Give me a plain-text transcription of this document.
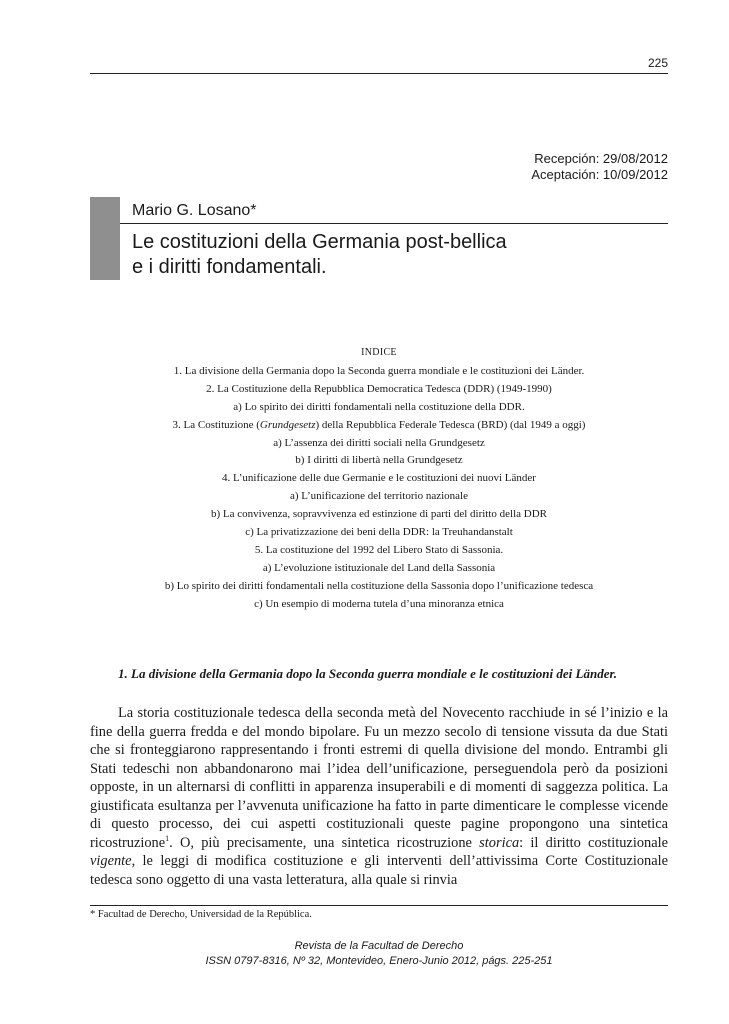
225
Recepción: 29/08/2012
Aceptación: 10/09/2012
Mario G. Losano*
Le costituzioni della Germania post-bellica
e i diritti fondamentali.
INDICE
1. La divisione della Germania dopo la Seconda guerra mondiale e le costituzioni dei Länder.
2. La Costituzione della Repubblica Democratica Tedesca (DDR) (1949-1990)
a) Lo spirito dei diritti fondamentali nella costituzione della DDR.
3. La Costituzione (Grundgesetz) della Repubblica Federale Tedesca (BRD) (dal 1949 a oggi)
a) L’assenza dei diritti sociali nella Grundgesetz
b) I diritti di libertà nella Grundgesetz
4. L’unificazione delle due Germanie e le costituzioni dei nuovi Länder
a) L’unificazione del territorio nazionale
b) La convivenza, sopravvivenza ed estinzione di parti del diritto della DDR
c) La privatizzazione dei beni della DDR: la Treuhandanstalt
5. La costituzione del 1992 del Libero Stato di Sassonia.
a) L’evoluzione istituzionale del Land della Sassonia
b) Lo spirito dei diritti fondamentali nella costituzione della Sassonia dopo l’unificazione tedesca
c) Un esempio di moderna tutela d’una minoranza etnica
1. La divisione della Germania dopo la Seconda guerra mondiale e le costituzioni dei Länder.

La storia costituzionale tedesca della seconda metà del Novecento racchiude in sé l’inizio e la fine della guerra fredda e del mondo bipolare. Fu un mezzo secolo di tensione vissuta da due Stati che si fronteggiarono rappresentando i fronti estremi di quella divisione del mondo. Entrambi gli Stati tedeschi non abbandonarono mai l’idea dell’unificazione, perseguendola però da posizioni opposte, in un alternarsi di conflitti in apparenza insuperabili e di momenti di saggezza politica. La giustificata esultanza per l’avvenuta unificazione ha fatto in parte dimenticare le complesse vicende di questo processo, dei cui aspetti costituzionali queste pagine propongono una sintetica ricostruzione$^1$. O, più precisamente, una sintetica ricostruzione storica: il diritto costituzionale vigente, le leggi di modifica costituzione e gli interventi dell’attivissima Corte Costituzionale tedesca sono oggetto di una vasta letteratura, alla quale si rinvia

* Facultad de Derecho, Universidad de la República.
Revista de la Facultad de Derecho
ISSN 0797-8316, Nº 32, Montevideo, Enero-Junio 2012, págs. 225-251
